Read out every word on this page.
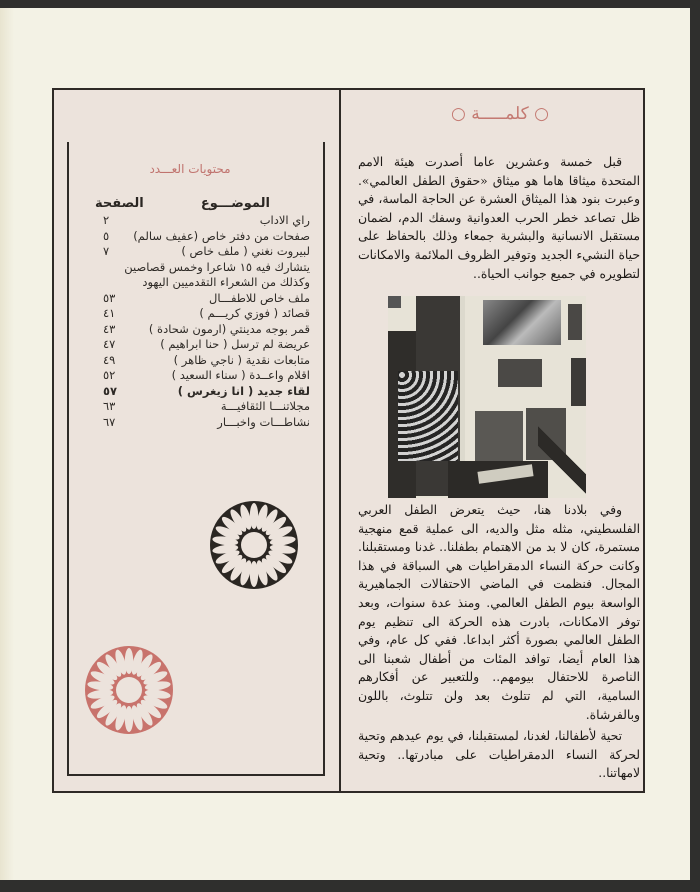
محتويات العـــدد
الموضـــوع
الصفحة
راي الاداب
٢
صفحات من دفتر خاص (عفيف سالم)
٥
لبيروت نغني ( ملف خاص )
٧
يتشارك فيه ١٥ شاعرا وخمس قصاصين
وكذلك من الشعراء التقدميين اليهود
ملف خاص للاطفـــال
٥٣
قصائد ( فوزي كريـــم )
٤١
قمر بوجه مدينتي (ارمون شحادة )
٤٣
عريضة لم ترسل ( حنا ابراهيم )
٤٧
متابعات نقدية ( ناجي ظاهر )
٤٩
اقلام واعــدة ( سناء السعيد )
٥٢
لقاء جديد ( انا زيغرس )
٥٧
مجلاتنـــا الثقافيـــة
٦٣
نشاطـــات واخبـــار
٦٧
○ كلمـــــة ○
قبل خمسة وعشرين عاما أصدرت هيئة الامم المتحدة ميثاقا هاما هو ميثاق «حقوق الطفل العالمي». وعبرت بنود هذا الميثاق العشرة عن الحاجة الماسة، في ظل تصاعد خطر الحرب العدوانية وسفك الدم، لضمان مستقبل الانسانية والبشرية جمعاء وذلك بالحفاظ على حياة النشيء الجديد وتوفير الظروف الملائمة والامكانات لتطويره في جميع جوانب الحياة..
وفي بلادنا هنا، حيث يتعرض الطفل العربي الفلسطيني، مثله مثل والديه، الى عملية قمع منهجية مستمرة، كان لا بد من الاهتمام بطفلنا.. غدنا ومستقبلنا. وكانت حركة النساء الدمقراطيات هي السباقة في هذا المجال. فنظمت في الماضي الاحتفالات الجماهيرية الواسعة بيوم الطفل العالمي. ومنذ عدة سنوات، وبعد توفر الامكانات، بادرت هذه الحركة الى تنظيم يوم الطفل العالمي بصورة أكثر ابداعا. ففي كل عام، وفي هذا العام أيضا، توافد المئات من أطفال شعبنا الى الناصرة للاحتفال بيومهم.. وللتعبير عن أفكارهم السامية، التي لم تتلوث بعد ولن تتلوث، باللون وبالفرشاة.
تحية لأطفالنا، لغدنا، لمستقبلنا، في يوم عيدهم وتحية لحركة النساء الدمقراطيات على مبادرتها.. وتحية لامهاتنا..
